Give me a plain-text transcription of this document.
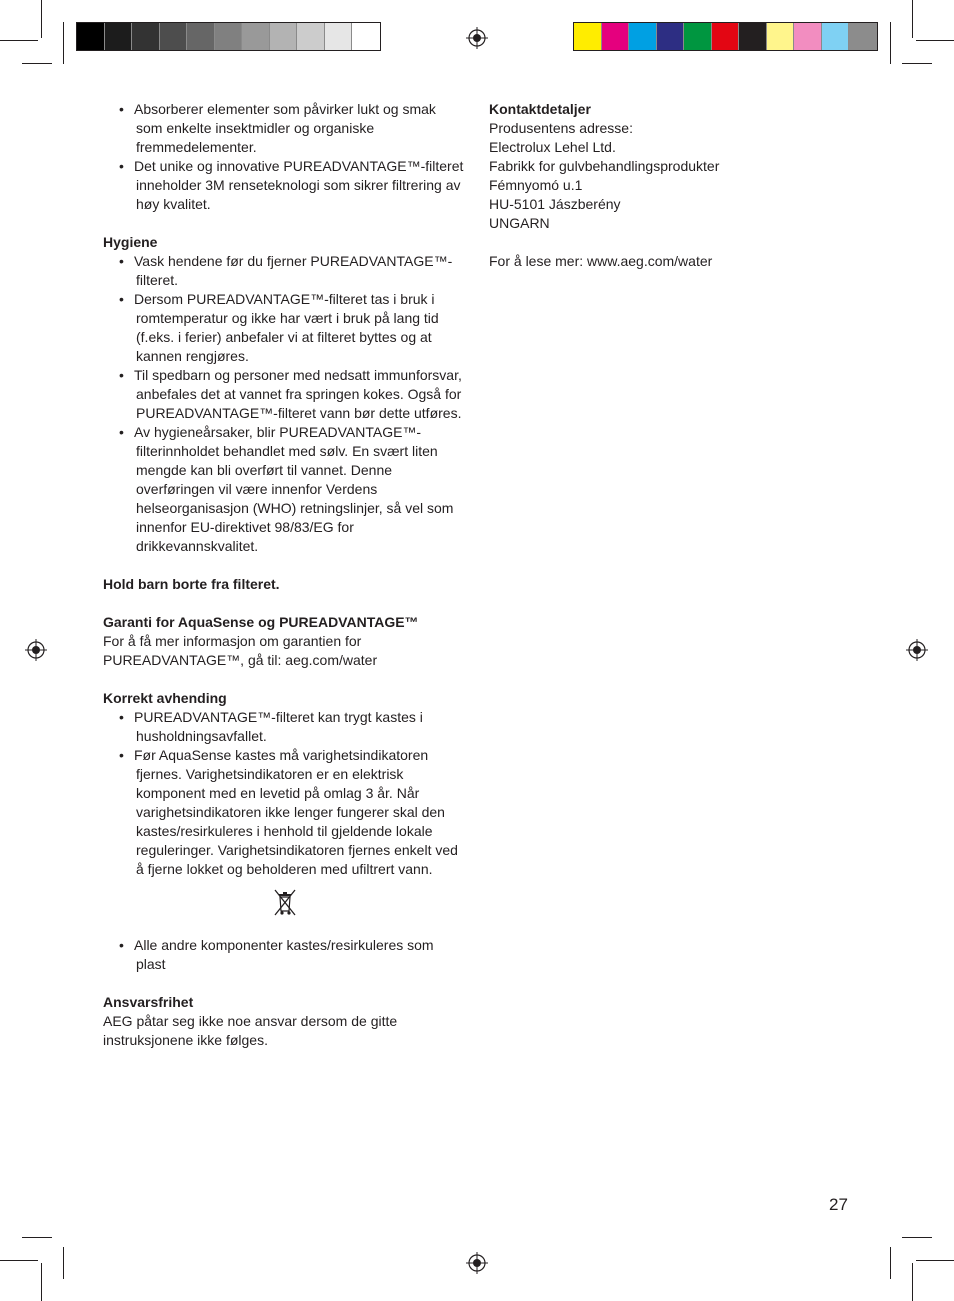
• Absorberer elementer som påvirker lukt og smak som enkelte insektmidler og organiske fremmedelementer.
• Det unike og innovative PUREADVANTAGE™-filteret inneholder 3M renseteknologi som sikrer filtrering av høy kvalitet.

Hygiene

• Vask hendene før du fjerner PUREADVANTAGE™-filteret.
• Dersom PUREADVANTAGE™-filteret tas i bruk i romtemperatur og ikke har vært i bruk på lang tid (f.eks. i ferier) anbefaler vi at filteret byttes og at kannen rengjøres.
• Til spedbarn og personer med nedsatt immunforsvar, anbefales det at vannet fra springen kokes. Også for PUREADVANTAGE™-filteret vann bør dette utføres.
• Av hygieneårsaker, blir PUREADVANTAGE™-filterinnholdet behandlet med sølv. En svært liten mengde kan bli overført til vannet. Denne overføringen vil være innenfor Verdens helseorganisasjon (WHO) retningslinjer, så vel som innenfor EU-direktivet 98/83/EG for drikkevannskvalitet.

Hold barn borte fra filteret.

Garanti for AquaSense og PUREADVANTAGE™

For å få mer informasjon om garantien for PUREADVANTAGE™, gå til: aeg.com/water

Korrekt avhending

• PUREADVANTAGE™-filteret kan trygt kastes i husholdningsavfallet.
• Før AquaSense kastes må varighetsindikatoren fjernes. Varighetsindikatoren er en elektrisk komponent med en levetid på omlag 3 år. Når varighetsindikatoren ikke lenger fungerer skal den kastes/resirkuleres i henhold til gjeldende lokale reguleringer. Varighetsindikatoren fjernes enkelt ved å fjerne lokket og beholderen med ufiltrert vann.
• Alle andre komponenter kastes/resirkuleres som plast

Ansvarsfrihet

AEG påtar seg ikke noe ansvar dersom de gitte instruksjonene ikke følges.

Kontaktdetaljer

Produsentens adresse:

Electrolux Lehel Ltd.

Fabrikk for gulvbehandlingsprodukter

Fémnyomó u.1

HU-5101 Jászberény

UNGARN

For å lese mer: www.aeg.com/water

27
